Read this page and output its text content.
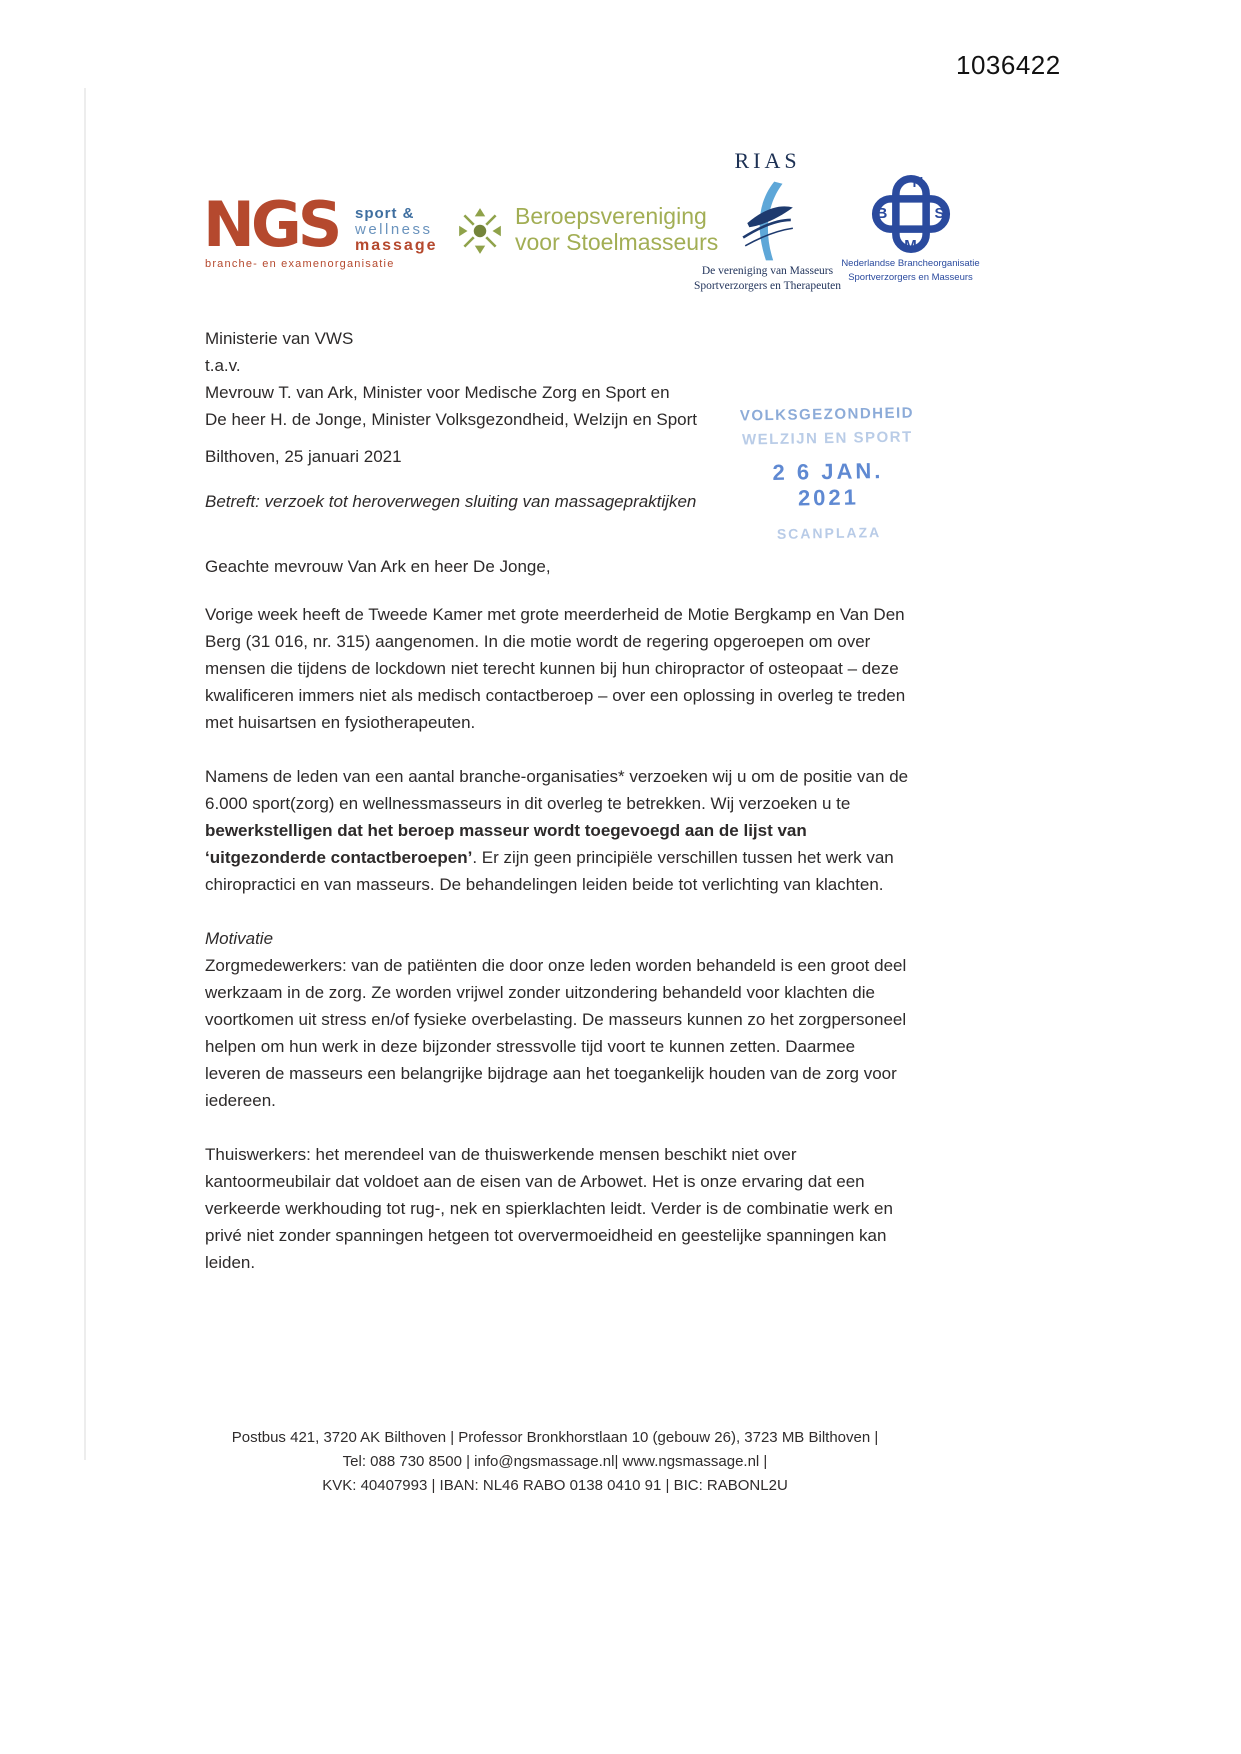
1036422
NGS sport &
wellness
massage
branche- en examenorganisatie
Beroepsvereniging
voor Stoelmasseurs
RIAS
De vereniging van Masseurs
Sportverzorgers en Therapeuten
N
B	S
M
Nederlandse Brancheorganisatie
Sportverzorgers en Masseurs
VOLKSGEZONDHEID
WELZIJN EN SPORT
2 6 JAN. 2021
SCANPLAZA
Ministerie van VWS
t.a.v.
Mevrouw T. van Ark, Minister voor Medische Zorg en Sport en
De heer H. de Jonge, Minister Volksgezondheid, Welzijn en Sport
Bilthoven, 25 januari 2021
Betreft: verzoek tot heroverwegen sluiting van massagepraktijken
Geachte mevrouw Van Ark en heer De Jonge,

Vorige week heeft de Tweede Kamer met grote meerderheid de Motie Bergkamp en Van Den Berg (31 016, nr. 315) aangenomen. In die motie wordt de regering opgeroepen om over mensen die tijdens de lockdown niet terecht kunnen bij hun chiropractor of osteopaat – deze kwalificeren immers niet als medisch contactberoep – over een oplossing in overleg te treden met huisartsen en fysiotherapeuten.

Namens de leden van een aantal branche-organisaties* verzoeken wij u om de positie van de 6.000 sport(zorg) en wellnessmasseurs in dit overleg te betrekken. Wij verzoeken u te bewerkstelligen dat het beroep masseur wordt toegevoegd aan de lijst van ‘uitgezonderde contactberoepen’. Er zijn geen principiële verschillen tussen het werk van chiropractici en van masseurs. De behandelingen leiden beide tot verlichting van klachten.

Motivatie

Zorgmedewerkers: van de patiënten die door onze leden worden behandeld is een groot deel werkzaam in de zorg. Ze worden vrijwel zonder uitzondering behandeld voor klachten die voortkomen uit stress en/of fysieke overbelasting. De masseurs kunnen zo het zorgpersoneel helpen om hun werk in deze bijzonder stressvolle tijd voort te kunnen zetten. Daarmee leveren de masseurs een belangrijke bijdrage aan het toegankelijk houden van de zorg voor iedereen.

Thuiswerkers: het merendeel van de thuiswerkende mensen beschikt niet over kantoormeubilair dat voldoet aan de eisen van de Arbowet. Het is onze ervaring dat een verkeerde werkhouding tot rug-, nek en spierklachten leidt. Verder is de combinatie werk en privé niet zonder spanningen hetgeen tot oververmoeidheid en geestelijke spanningen kan leiden.

Postbus 421, 3720 AK Bilthoven | Professor Bronkhorstlaan 10 (gebouw 26), 3723 MB Bilthoven |
Tel: 088 730 8500 | info@ngsmassage.nl| www.ngsmassage.nl |
KVK: 40407993 | IBAN: NL46 RABO 0138 0410 91 | BIC: RABONL2U
